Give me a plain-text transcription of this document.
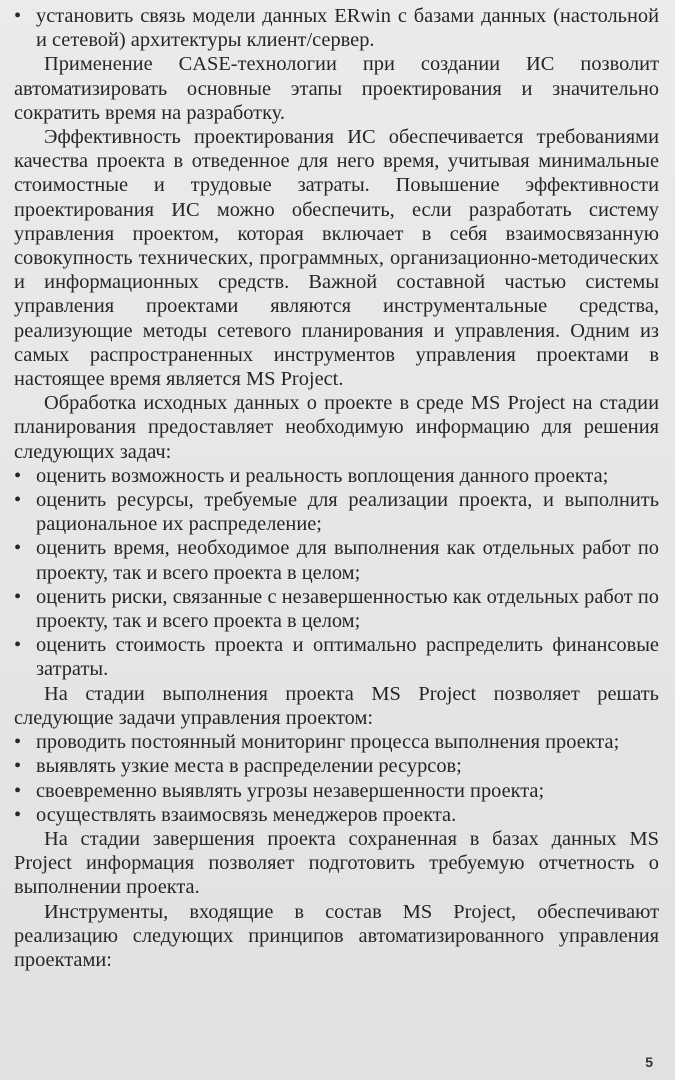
• установить связь модели данных ERwin с базами данных (настольной и сетевой) архитектуры клиент/сервер.

Применение CASE-технологии при создании ИС позволит автоматизировать основные этапы проектирования и значительно сократить время на разработку.

Эффективность проектирования ИС обеспечивается требованиями качества проекта в отведенное для него время, учитывая минимальные стоимостные и трудовые затраты. Повышение эффективности проектирования ИС можно обеспечить, если разработать систему управления проектом, которая включает в себя взаимосвязанную совокупность технических, программных, организационно-методических и информационных средств. Важной составной частью системы управления проектами являются инструментальные средства, реализующие методы сетевого планирования и управления. Одним из самых распространенных инструментов управления проектами в настоящее время является MS Project.

Обработка исходных данных о проекте в среде MS Project на стадии планирования предоставляет необходимую информацию для решения следующих задач:

• оценить возможность и реальность воплощения данного проекта;

• оценить ресурсы, требуемые для реализации проекта, и выполнить рациональное их распределение;

• оценить время, необходимое для выполнения как отдельных работ по проекту, так и всего проекта в целом;

• оценить риски, связанные с незавершенностью как отдельных работ по проекту, так и всего проекта в целом;

• оценить стоимость проекта и оптимально распределить финансовые затраты.

На стадии выполнения проекта MS Project позволяет решать следующие задачи управления проектом:

• проводить постоянный мониторинг процесса выполнения проекта;

• выявлять узкие места в распределении ресурсов;

• своевременно выявлять угрозы незавершенности проекта;

• осуществлять взаимосвязь менеджеров проекта.

На стадии завершения проекта сохраненная в базах данных MS Project информация позволяет подготовить требуемую отчетность о выполнении проекта.

Инструменты, входящие в состав MS Project, обеспечивают реализацию следующих принципов автоматизированного управления проектами:

5
